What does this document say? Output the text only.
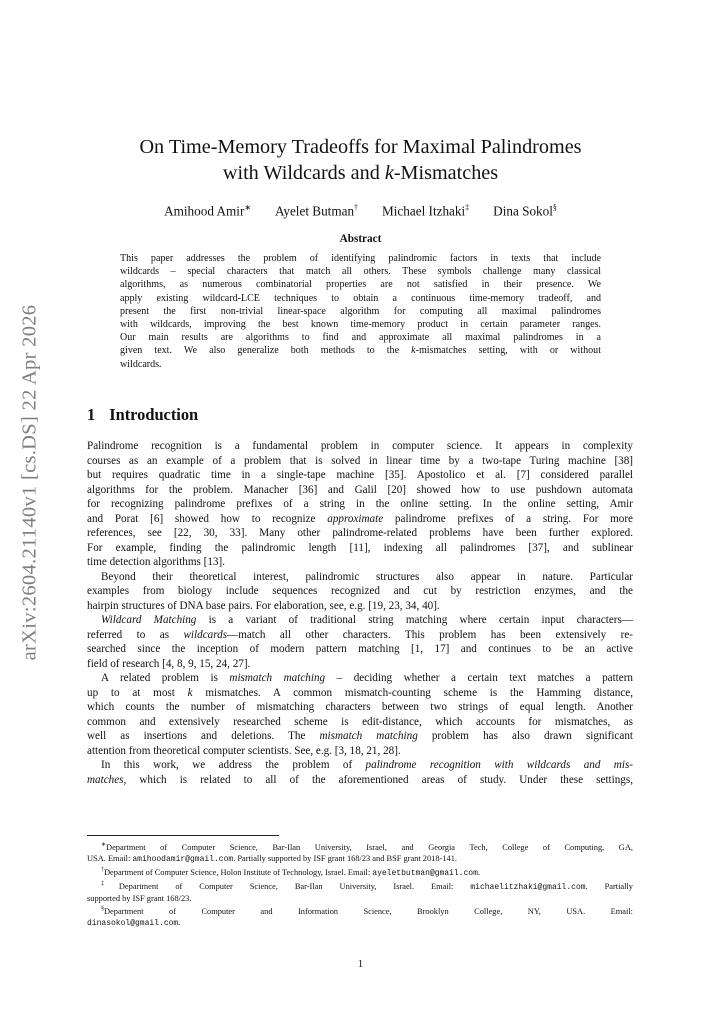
arXiv:2604.21140v1 [cs.DS] 22 Apr 2026
On Time-Memory Tradeoffs for Maximal Palindromes
with Wildcards and k-Mismatches
Amihood Amir∗ Ayelet Butman† Michael Itzhaki‡ Dina Sokol§
Abstract
This paper addresses the problem of identifying palindromic factors in texts that include
wildcards – special characters that match all others. These symbols challenge many classical
algorithms, as numerous combinatorial properties are not satisfied in their presence. We
apply existing wildcard-LCE techniques to obtain a continuous time-memory tradeoff, and
present the first non-trivial linear-space algorithm for computing all maximal palindromes
with wildcards, improving the best known time-memory product in certain parameter ranges.
Our main results are algorithms to find and approximate all maximal palindromes in a
given text. We also generalize both methods to the k-mismatches setting, with or without
wildcards.
1 Introduction
Palindrome recognition is a fundamental problem in computer science. It appears in complexity
courses as an example of a problem that is solved in linear time by a two-tape Turing machine [38]
but requires quadratic time in a single-tape machine [35]. Apostolico et al. [7] considered parallel
algorithms for the problem. Manacher [36] and Galil [20] showed how to use pushdown automata
for recognizing palindrome prefixes of a string in the online setting. In the online setting, Amir
and Porat [6] showed how to recognize approximate palindrome prefixes of a string. For more
references, see [22, 30, 33]. Many other palindrome-related problems have been further explored.
For example, finding the palindromic length [11], indexing all palindromes [37], and sublinear
time detection algorithms [13].
Beyond their theoretical interest, palindromic structures also appear in nature. Particular
examples from biology include sequences recognized and cut by restriction enzymes, and the
hairpin structures of DNA base pairs. For elaboration, see, e.g. [19, 23, 34, 40].
Wildcard Matching is a variant of traditional string matching where certain input characters—
referred to as wildcards—match all other characters. This problem has been extensively re-
searched since the inception of modern pattern matching [1, 17] and continues to be an active
field of research [4, 8, 9, 15, 24, 27].
A related problem is mismatch matching – deciding whether a certain text matches a pattern
up to at most k mismatches. A common mismatch-counting scheme is the Hamming distance,
which counts the number of mismatching characters between two strings of equal length. Another
common and extensively researched scheme is edit-distance, which accounts for mismatches, as
well as insertions and deletions. The mismatch matching problem has also drawn significant
attention from theoretical computer scientists. See, e.g. [3, 18, 21, 28].
In this work, we address the problem of palindrome recognition with wildcards and mis-
matches, which is related to all of the aforementioned areas of study. Under these settings,
∗Department of Computer Science, Bar-Ilan University, Israel, and Georgia Tech, College of Computing, GA,
USA. Email: amihoodamir@gmail.com. Partially supported by ISF grant 168/23 and BSF grant 2018-141.
†Department of Computer Science, Holon Institute of Technology, Israel. Email: ayeletbutman@gmail.com.
‡Department of Computer Science, Bar-Ilan University, Israel. Email: michaelitzhaki@gmail.com. Partially
supported by ISF grant 168/23.
§Department of Computer and Information Science, Brooklyn College, NY, USA. Email:
dinasokol@gmail.com.
1
